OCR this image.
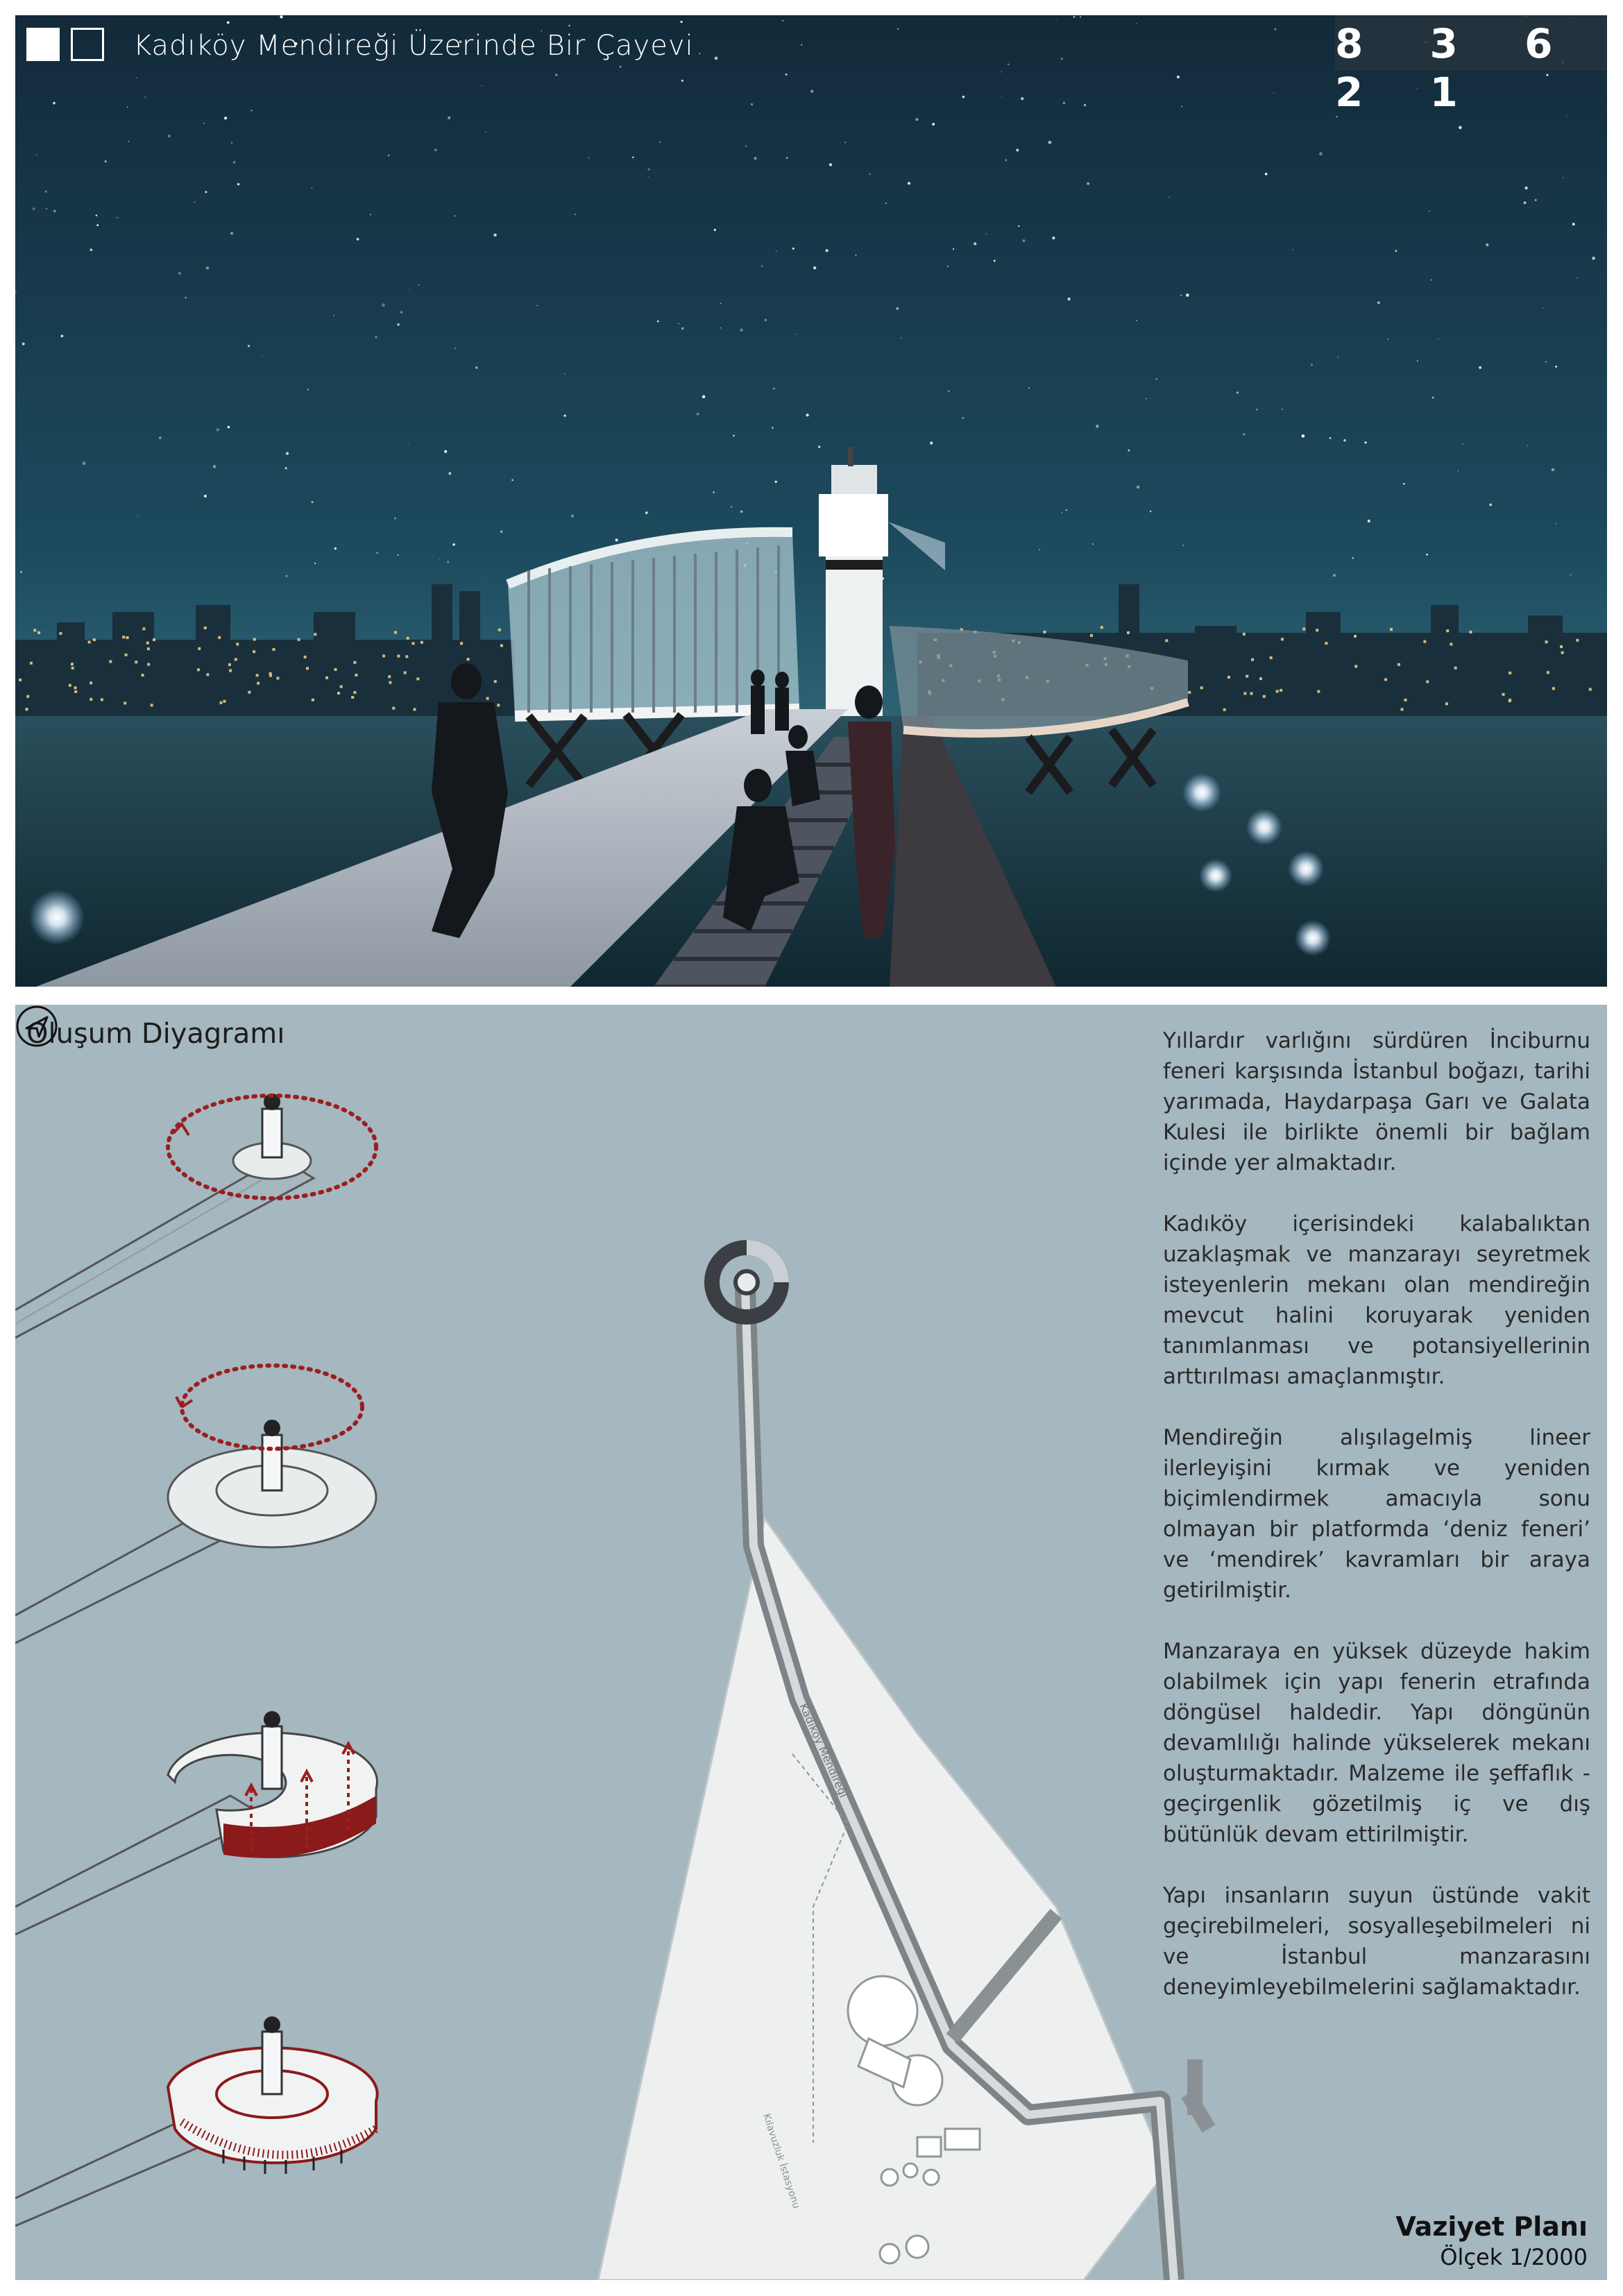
Kadıköy Mendireği Üzerinde Bir Çayevi	8 3 6 2 1
Kadıköy Mendireği
Kılavuzluk İstasyonu
Oluşum Diyagramı	Yıllardır varlığını sürdüren İnciburnu feneri karşısında İstanbul boğazı, tarihi yarımada, Haydarpaşa Garı ve Galata Kulesi ile birlikte önemli bir bağlam içinde yer almaktadır.

Kadıköy içerisindeki kalabalıktan uzaklaşmak ve manzarayı seyretmek isteyenlerin mekanı olan mendireğin mevcut halini koruyarak yeniden tanımlanması ve potansiyellerinin arttırılması amaçlanmıştır.

Mendireğin alışılagelmiş lineer ilerleyişini kırmak ve yeniden biçimlendirmek amacıyla sonu olmayan bir platformda ‘deniz feneri’ ve ‘mendirek’ kavramları bir araya getirilmiştir.

Manzaraya en yüksek düzeyde hakim olabilmek için yapı fenerin etrafında döngüsel haldedir. Yapı döngünün devamlılığı halinde yükselerek mekanı oluşturmaktadır. Malzeme ile şeffaflık - geçirgenlik gözetilmiş iç ve dış bütünlük devam ettirilmiştir.

Yapı insanların suyun üstünde vakit geçirebilmeleri, sosyalleşebilmeleri ni ve İstanbul manzarasını deneyimleyebilmelerini sağlamaktadır.

Vaziyet Planı
Ölçek 1/2000
